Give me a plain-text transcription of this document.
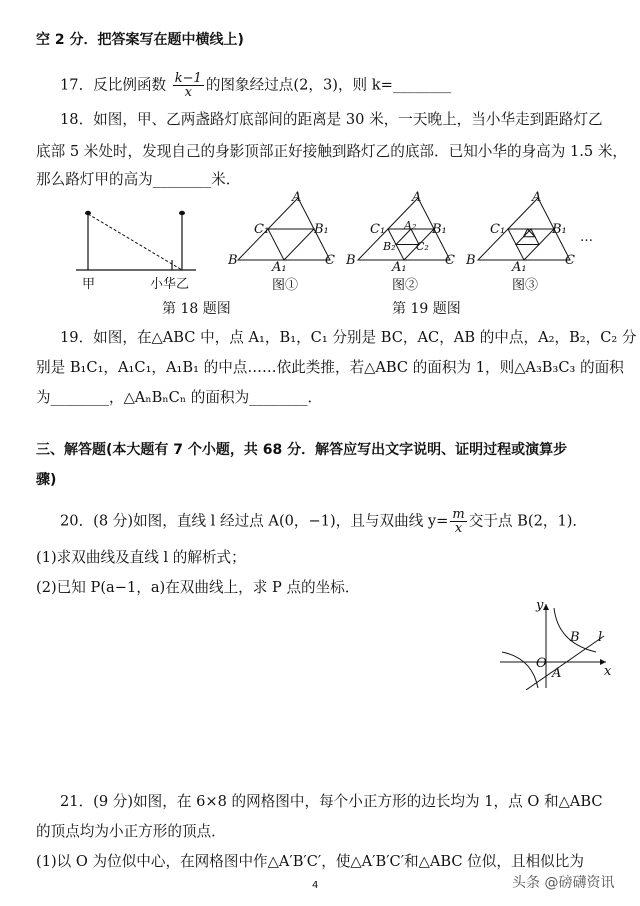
空 2 分．把答案写在题中横线上)
17．反比例函数 $\frac{k-1}{x}$ 的图象经过点(2，3)，则 k=________
18．如图，甲、乙两盏路灯底部间的距离是 30 米，一天晚上，当小华走到距路灯乙
底部 5 米处时，发现自己的身影顶部正好接触到路灯乙的底部．已知小华的身高为 1.5 米，
那么路灯甲的高为________米．
甲	小华乙
第 18 题图
A
C₁	B₁
B	A₁	C
图①
A
C₁ A₂ B₁
B₂ C₂
B	A₁	C
图②
A
C₁	B₁
B	A₁	C
…
图③
第 19 题图
19．如图，在△ABC 中，点 A₁，B₁，C₁ 分别是 BC，AC，AB 的中点，A₂，B₂，C₂ 分
别是 B₁C₁，A₁C₁，A₁B₁ 的中点……依此类推，若△ABC 的面积为 1，则△A₃B₃C₃ 的面积
为________，△AₙBₙCₙ 的面积为________．
三、解答题(本大题有 7 个小题，共 68 分．解答应写出文字说明、证明过程或演算步
骤)
20．(8 分)如图，直线 l 经过点 A(0，−1)，且与双曲线 $y= \frac{m}{x}$ 交于点 B(2，1)．
(1)求双曲线及直线 l 的解析式；
(2)已知 P(a−1，a)在双曲线上，求 P 点的坐标．
y
x
O
A
B l
21．(9 分)如图，在 6×8 的网格图中，每个小正方形的边长均为 1，点 O 和△ABC
的顶点均为小正方形的顶点．
(1)以 O 为位似中心，在网格图中作△A′B′C′，使△A′B′C′和△ABC 位似，且相似比为
4	头条 @磅礴资讯
